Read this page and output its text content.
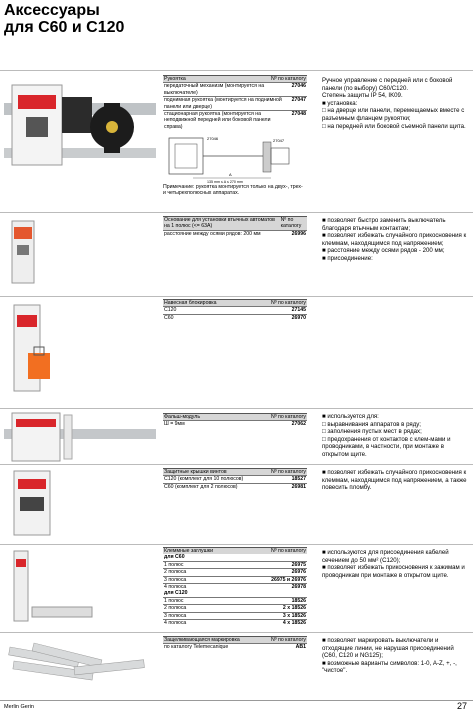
Аксессуары
для С60 и С120
Рукоятка	Nº по каталогу
передаточный механизм (монтируется на выключателе)
27046
поднимная рукоятка (монтируется на поднимной панели или дверце)
27047
стационарная рукоятка (монтируется на неподвижной передней или боковой панели справа)
27048
27046	27047
A
135 mm ≤ A ≤ 270 mm
Примечание: рукоятка монтируется только на двух-, трех- и четырехполюсных аппаратах.
Ручное управление с передней или с боковой панели (по выбору) С60/С120.
Степень защиты IP 54, IK09.
■ установка:
□ на дверце или панели, перемещаемых вместе с разъемным фланцем рукоятки;
□ на передней или боковой съемной панели щита.
Основание для установки втычных автоматов на 1 полюс (<= 63A)
Nº по каталогу
расстояние между осями рядов: 200 мм	26996
■ позволяет быстро заменить выключатель благодаря втычным контактам;
■ позволяет избежать случайного прикосновения к клеммам, находящимся под напряжением;
■ расстояние между осями рядов - 200 мм;
■ присоединение:
Навесная блокировка	Nº по каталогу
С120	27145
С60	26970
Фальш-модуль	Nº по каталогу
Ш = 9мм	27062
■ используется для:
□ выравнивания аппаратов в ряду;
□ заполнения пустых мест в рядах;
□ предохранения от контактов с клем-мами и проводниками, в частности, при монтаже в открытом щите.
Защитные крышки винтов	Nº по каталогу
С120 (комплект для 10 полюсов)	18527
С60 (комплект для 2 полюсов)	26981
■ позволяет избежать случайного прикосновения к клеммам, находящимся под напряжением, а также повесить пломбу.
Клеммные заглушки	Nº по каталогу
для С60
1 полюс	26975
2 полюса	26976
3 полюса	26975 и 26976
4 полюса	26978
для С120
1 полюс	18526
2 полюса	2 x 18526
3 полюса	3 x 18526
4 полюса	4 x 18526
■ используются для присоединения кабелей сечением до 50 мм² (С120);
■ позволяет избежать прикосновения к зажимам и проводникам при монтаже в открытом щите.
Защелкивающаяся маркировка	Nº по каталогу
по каталогу Telemecanique	АВ1
■ позволяет маркировать выключатели и отходящие линии, не нарушая присоединений (С60, С120 и NG125);
■ возможные варианты символов: 1-0, А-Z, +, -, "чистое".
Merlin Gerin	27
